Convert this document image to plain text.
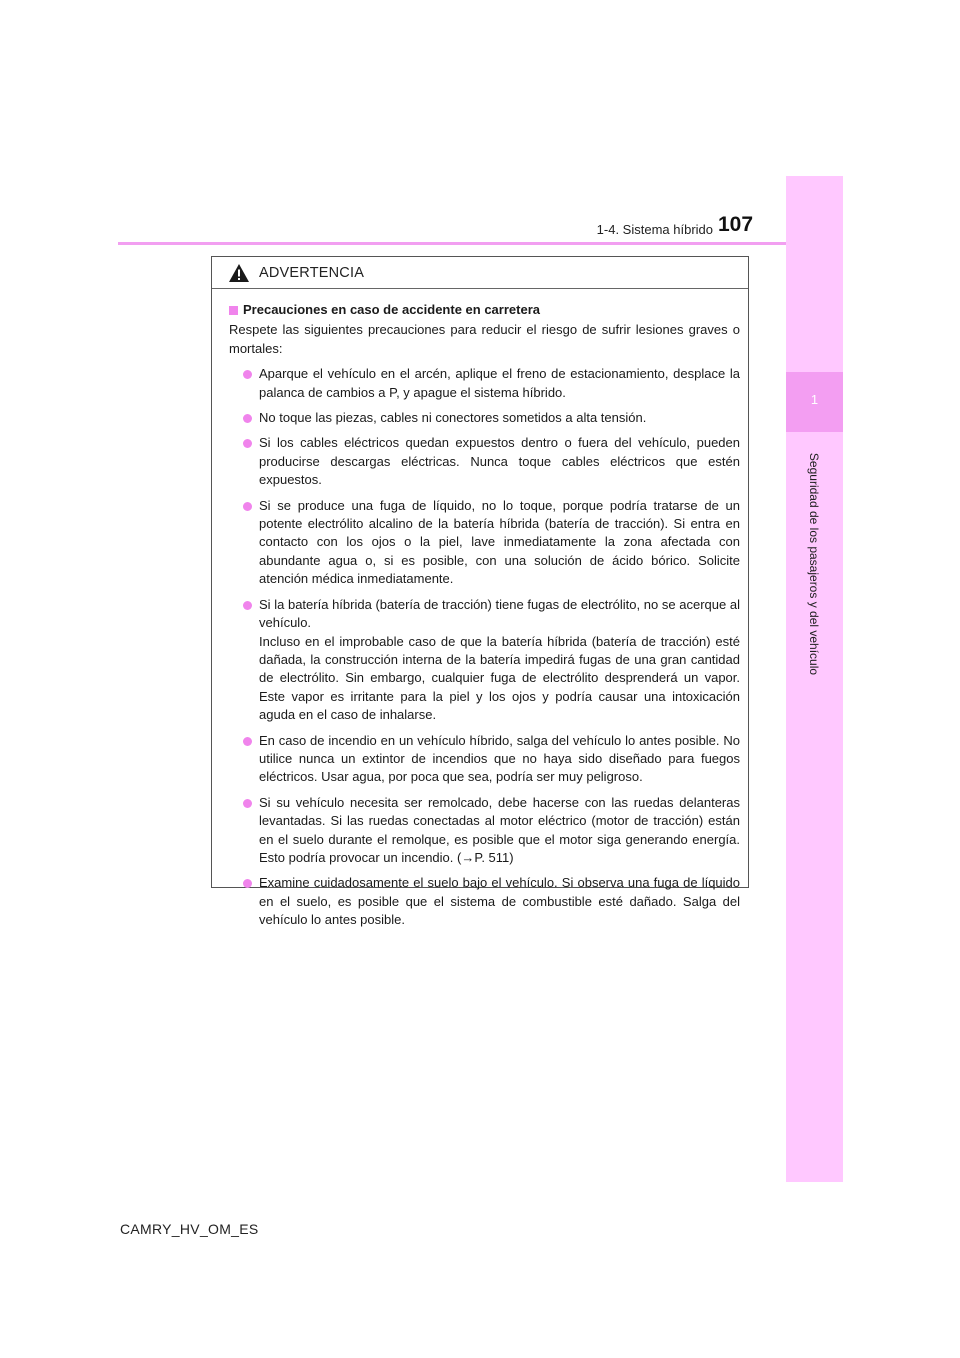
1
Seguridad de los pasajeros y del vehículo
1-4. Sistema híbrido 107
ADVERTENCIA
Precauciones en caso de accidente en carretera
Respete las siguientes precauciones para reducir el riesgo de sufrir lesiones graves o mortales:
Aparque el vehículo en el arcén, aplique el freno de estacionamiento, desplace la palanca de cambios a P, y apague el sistema híbrido.
No toque las piezas, cables ni conectores sometidos a alta tensión.
Si los cables eléctricos quedan expuestos dentro o fuera del vehículo, pueden producirse descargas eléctricas. Nunca toque cables eléctricos que estén expuestos.
Si se produce una fuga de líquido, no lo toque, porque podría tratarse de un potente electrólito alcalino de la batería híbrida (batería de tracción). Si entra en contacto con los ojos o la piel, lave inmediatamente la zona afectada con abundante agua o, si es posible, con una solución de ácido bórico. Solicite atención médica inmediatamente.
Si la batería híbrida (batería de tracción) tiene fugas de electrólito, no se acerque al vehículo.
Incluso en el improbable caso de que la batería híbrida (batería de tracción) esté dañada, la construcción interna de la batería impedirá fugas de una gran cantidad de electrólito. Sin embargo, cualquier fuga de electrólito desprenderá un vapor. Este vapor es irritante para la piel y los ojos y podría causar una intoxicación aguda en el caso de inhalarse.
En caso de incendio en un vehículo híbrido, salga del vehículo lo antes posible. No utilice nunca un extintor de incendios que no haya sido diseñado para fuegos eléctricos. Usar agua, por poca que sea, podría ser muy peligroso.
Si su vehículo necesita ser remolcado, debe hacerse con las ruedas delanteras levantadas. Si las ruedas conectadas al motor eléctrico (motor de tracción) están en el suelo durante el remolque, es posible que el motor siga generando energía. Esto podría provocar un incendio. (→P. 511)
Examine cuidadosamente el suelo bajo el vehículo. Si observa una fuga de líquido en el suelo, es posible que el sistema de combustible esté dañado. Salga del vehículo lo antes posible.
CAMRY_HV_OM_ES
